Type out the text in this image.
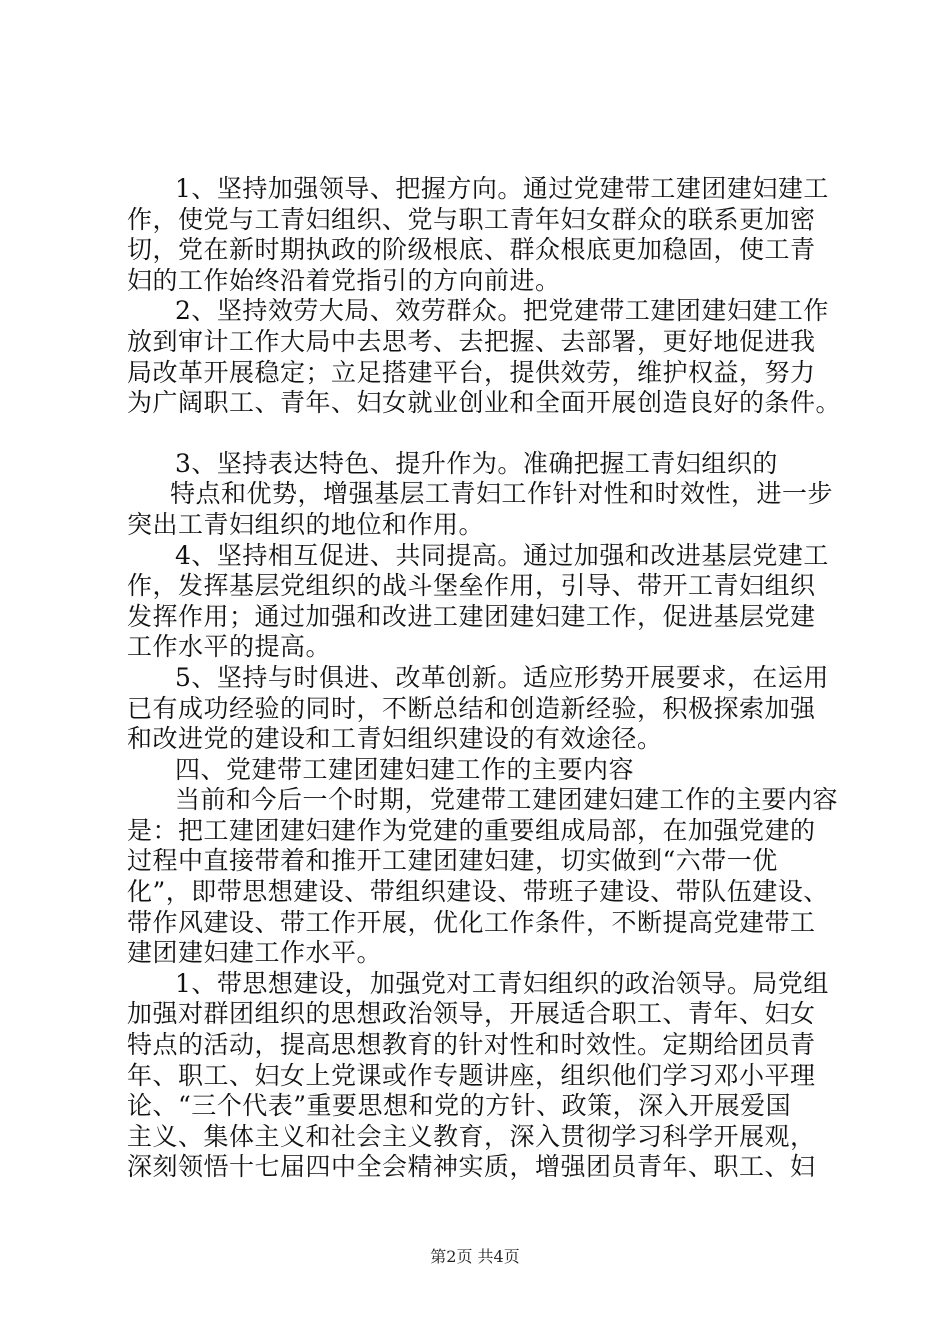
1、坚持加强领导、把握方向。通过党建带工建团建妇建工
作，使党与工青妇组织、党与职工青年妇女群众的联系更加密
切，党在新时期执政的阶级根底、群众根底更加稳固，使工青
妇的工作始终沿着党指引的方向前进。
2、坚持效劳大局、效劳群众。把党建带工建团建妇建工作
放到审计工作大局中去思考、去把握、去部署，更好地促进我
局改革开展稳定；立足搭建平台，提供效劳，维护权益，努力
为广阔职工、青年、妇女就业创业和全面开展创造良好的条件。
3、坚持表达特色、提升作为。准确把握工青妇组织的
特点和优势，增强基层工青妇工作针对性和时效性，进一步
突出工青妇组织的地位和作用。
4、坚持相互促进、共同提高。通过加强和改进基层党建工
作，发挥基层党组织的战斗堡垒作用，引导、带开工青妇组织
发挥作用；通过加强和改进工建团建妇建工作，促进基层党建
工作水平的提高。
5、坚持与时俱进、改革创新。适应形势开展要求，在运用
已有成功经验的同时，不断总结和创造新经验，积极探索加强
和改进党的建设和工青妇组织建设的有效途径。
四、党建带工建团建妇建工作的主要内容
当前和今后一个时期，党建带工建团建妇建工作的主要内容
是：把工建团建妇建作为党建的重要组成局部，在加强党建的
过程中直接带着和推开工建团建妇建，切实做到“六带一优
化”，即带思想建设、带组织建设、带班子建设、带队伍建设、
带作风建设、带工作开展，优化工作条件，不断提高党建带工
建团建妇建工作水平。
1、带思想建设，加强党对工青妇组织的政治领导。局党组
加强对群团组织的思想政治领导，开展适合职工、青年、妇女
特点的活动，提高思想教育的针对性和时效性。定期给团员青
年、职工、妇女上党课或作专题讲座，组织他们学习邓小平理
论、“三个代表”重要思想和党的方针、政策，深入开展爱国
主义、集体主义和社会主义教育，深入贯彻学习科学开展观，
深刻领悟十七届四中全会精神实质，增强团员青年、职工、妇
第2页 共4页
